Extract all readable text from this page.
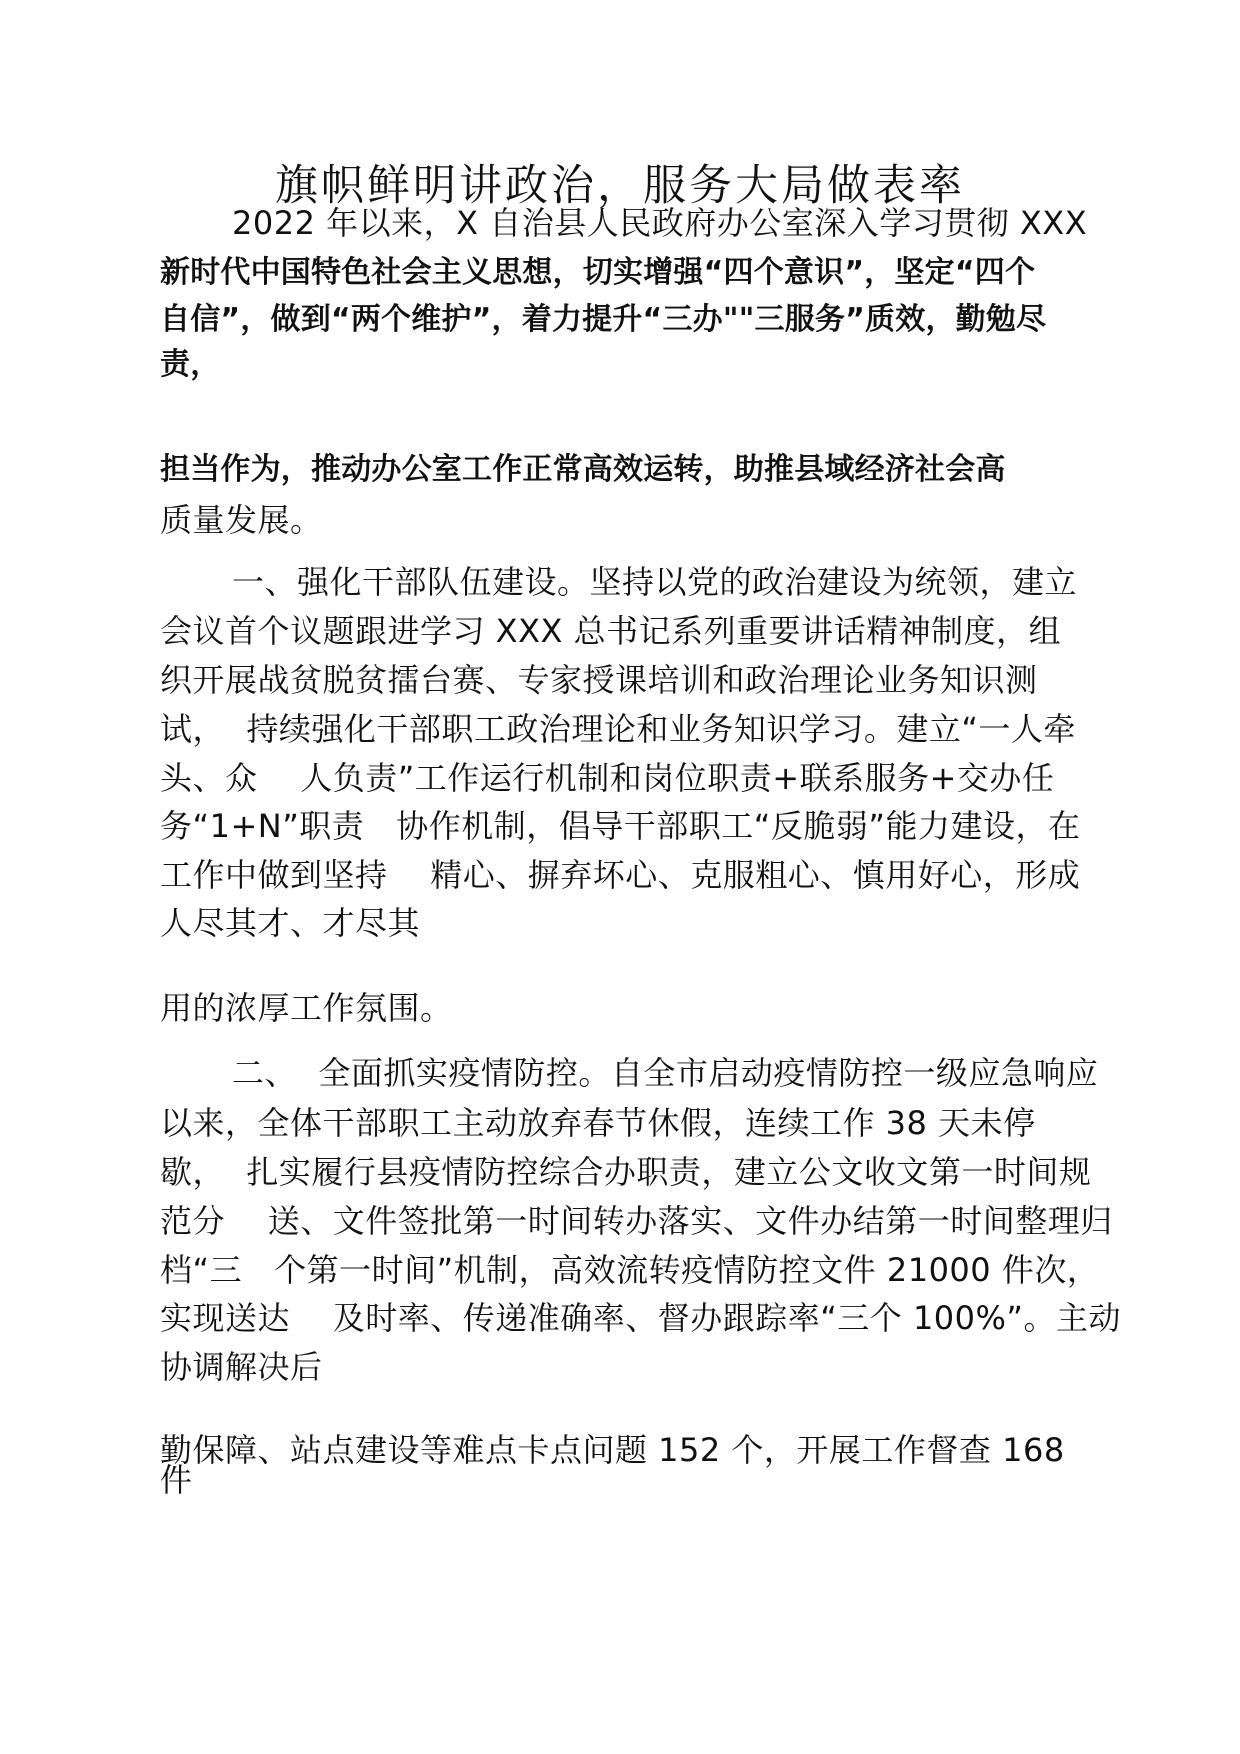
旗帜鲜明讲政治，服务大局做表率
2022 年以来，X 自治县人民政府办公室深入学习贯彻 XXX
新时代中国特色社会主义思想，切实增强“四个意识”，坚定“四个
自信”，做到“两个维护”，着力提升“三办""三服务”质效，勤勉尽
责，
担当作为，推动办公室工作正常高效运转，助推县域经济社会高
质量发展。
一、强化干部队伍建设。坚持以党的政治建设为统领，建立
会议首个议题跟进学习 XXX 总书记系列重要讲话精神制度，组
织开展战贫脱贫擂台赛、专家授课培训和政治理论业务知识测
试，  持续强化干部职工政治理论和业务知识学习。建立“一人牵
头、众    人负责”工作运行机制和岗位职责+联系服务+交办任
务“1+N”职责   协作机制，倡导干部职工“反脆弱”能力建设，在
工作中做到坚持    精心、摒弃坏心、克服粗心、慎用好心，形成
人尽其才、才尽其
用的浓厚工作氛围。
二、  全面抓实疫情防控。自全市启动疫情防控一级应急响应
以来，全体干部职工主动放弃春节休假，连续工作 38 天未停
歇，  扎实履行县疫情防控综合办职责，建立公文收文第一时间规
范分    送、文件签批第一时间转办落实、文件办结第一时间整理归
档“三   个第一时间”机制，高效流转疫情防控文件 21000 件次，
实现送达    及时率、传递准确率、督办跟踪率“三个 100%”。主动
协调解决后
勤保障、站点建设等难点卡点问题 152 个，开展工作督查 168
件
